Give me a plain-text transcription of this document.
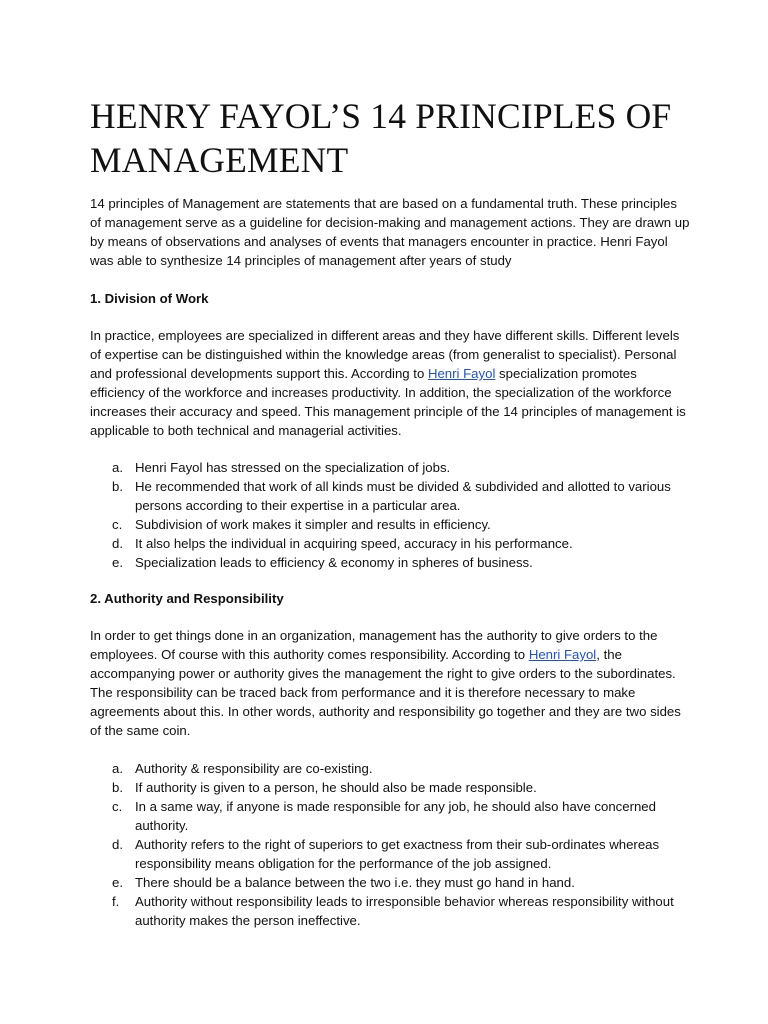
HENRY FAYOL’S 14 PRINCIPLES OF MANAGEMENT

14 principles of Management are statements that are based on a fundamental truth. These principles of management serve as a guideline for decision-making and management actions. They are drawn up by means of observations and analyses of events that managers encounter in practice. Henri Fayol was able to synthesize 14 principles of management after years of study

1. Division of Work

In practice, employees are specialized in different areas and they have different skills. Different levels of expertise can be distinguished within the knowledge areas (from generalist to specialist). Personal and professional developments support this. According to Henri Fayol specialization promotes efficiency of the workforce and increases productivity. In addition, the specialization of the workforce increases their accuracy and speed. This management principle of the 14 principles of management is applicable to both technical and managerial activities.

a. Henri Fayol has stressed on the specialization of jobs.
b. He recommended that work of all kinds must be divided & subdivided and allotted to various persons according to their expertise in a particular area.
c. Subdivision of work makes it simpler and results in efficiency.
d. It also helps the individual in acquiring speed, accuracy in his performance.
e. Specialization leads to efficiency & economy in spheres of business.
2. Authority and Responsibility

In order to get things done in an organization, management has the authority to give orders to the employees. Of course with this authority comes responsibility. According to Henri Fayol, the accompanying power or authority gives the management the right to give orders to the subordinates. The responsibility can be traced back from performance and it is therefore necessary to make agreements about this. In other words, authority and responsibility go together and they are two sides of the same coin.

a. Authority & responsibility are co-existing.
b. If authority is given to a person, he should also be made responsible.
c. In a same way, if anyone is made responsible for any job, he should also have concerned authority.
d. Authority refers to the right of superiors to get exactness from their sub-ordinates whereas responsibility means obligation for the performance of the job assigned.
e. There should be a balance between the two i.e. they must go hand in hand.
f. Authority without responsibility leads to irresponsible behavior whereas responsibility without authority makes the person ineffective.
